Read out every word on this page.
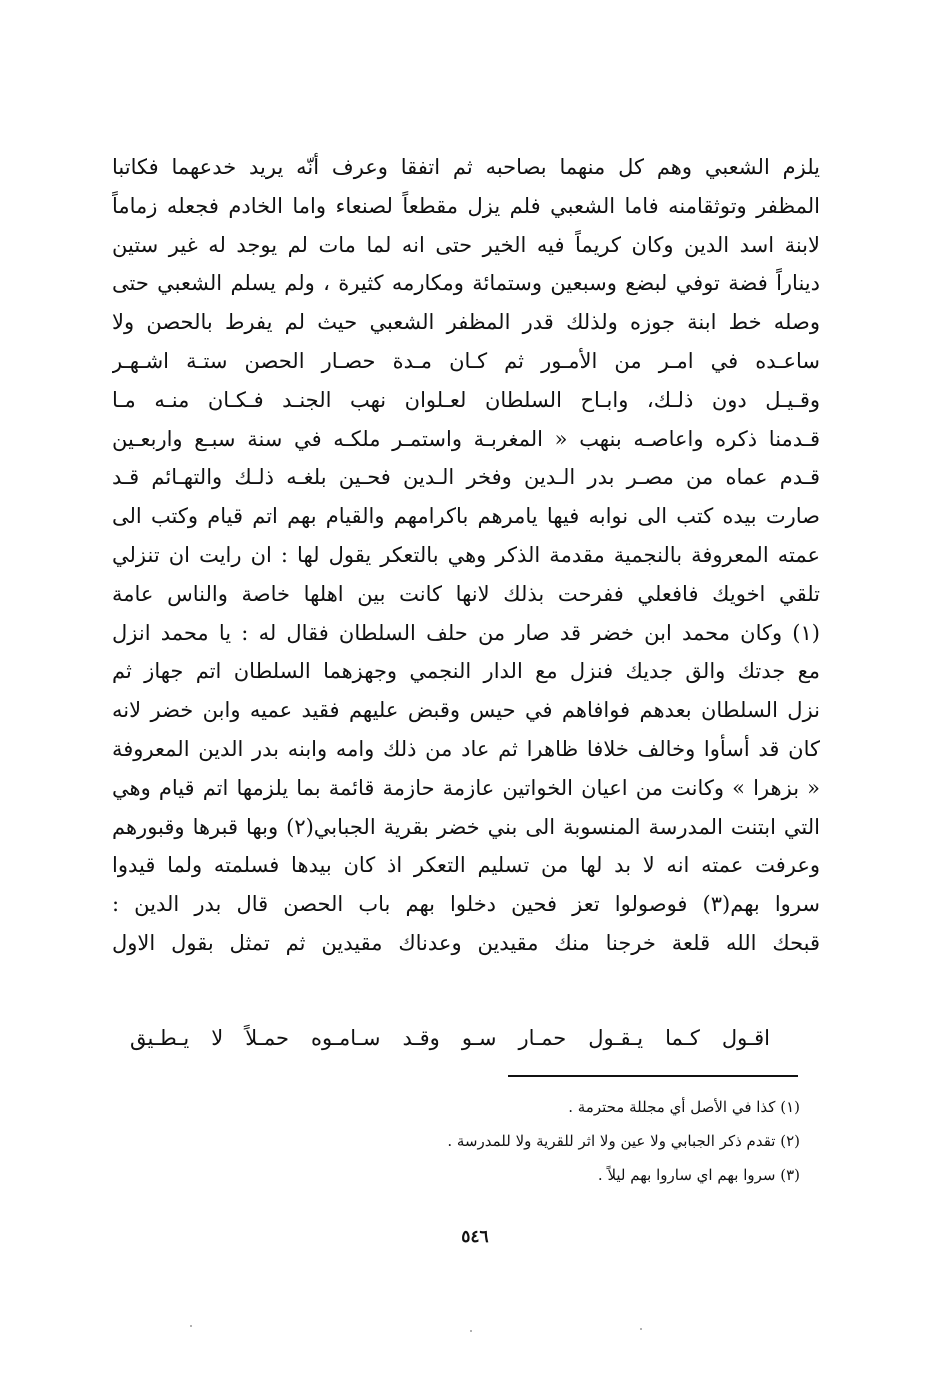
يلزم الشعبي وهم كل منهما بصاحبه ثم اتفقا وعرف أنّه يريد خدعهما فكاتبا
المظفر وتوثقامنه فاما الشعبي فلم يزل مقطعاً لصنعاء واما الخادم فجعله زماماً
لابنة اسد الدين وكان كريماً فيه الخير حتى انه لما مات لم يوجد له غير ستين
ديناراً فضة توفي لبضع وسبعين وستمائة ومكارمه كثيرة ، ولم يسلم الشعبي حتى
وصله خط ابنة جوزه ولذلك قدر المظفر الشعبي حيث لم يفرط بالحصن ولا
ساعـده في امـر من الأمـور ثم كـان مـدة حصـار الحصن ستـة اشـهـر
وقـيـل دون ذلـك، وابـاح السلطان لعـلوان نهب الجنـد فـكـان منـه مـا
قـدمنا ذكره واعاصـه بنهب « المغربـة واستمـر ملكـه في سنة سبـع واربعـين
قـدم عماه من مصـر بدر الـدين وفخر الـدين فحـين بلغـه ذلـك والتهـائم قـد
صارت بيده كتب الى نوابه فيها يامرهم باكرامهم والقيام بهم اتم قيام وكتب الى
عمته المعروفة بالنجمية مقدمة الذكر وهي بالتعكر يقول لها : ان رايت ان تنزلي
تلقي اخويك فافعلي ففرحت بذلك لانها كانت بين اهلها خاصة والناس عامة
(١) وكان محمد ابن خضر قد صار من حلف السلطان فقال له : يا محمد انزل
مع جدتك والق جديك فنزل مع الدار النجمي وجهزهما السلطان اتم جهاز ثم
نزل السلطان بعدهم فوافاهم في حيس وقبض عليهم فقيد عميه وابن خضر لانه
كان قد أسأوا وخالف خلافا ظاهرا ثم عاد من ذلك وامه وابنه بدر الدين المعروفة
« بزهرا » وكانت من اعيان الخواتين عازمة حازمة قائمة بما يلزمها اتم قيام وهي
التي ابتنت المدرسة المنسوبة الى بني خضر بقرية الجبابي(٢) وبها قبرها وقبورهم
وعرفت عمته انه لا بد لها من تسليم التعكر اذ كان بيدها فسلمته ولما قيدوا
سروا بهم(٣) فوصولوا تعز فحين دخلوا بهم باب الحصن قال بدر الدين :
قبحك الله قلعة خرجنا منك مقيدين وعدناك مقيدين ثم تمثل بقول الاول
اقـول كـما يـقـول حمـار سـو وقـد سـامـوه حمـلاً لا يـطـيق
(١) كذا في الأصل أي مجللة محترمة .
(٢) تقدم ذكر الجبابي ولا عين ولا اثر للقرية ولا للمدرسة .
(٣) سروا بهم اي ساروا بهم ليلاً .
٥٤٦
